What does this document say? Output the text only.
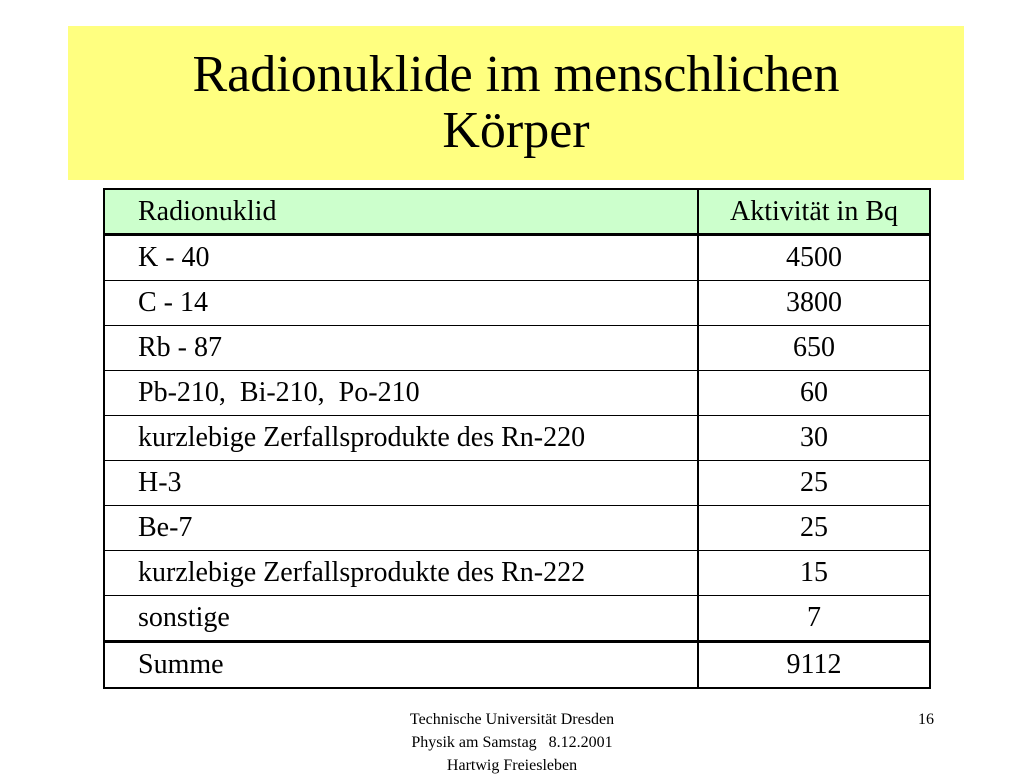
Radionuklide im menschlichen
Körper
Radionuklid	Aktivität in Bq
K - 40	4500
C - 14	3800
Rb - 87	650
Pb-210,  Bi-210,  Po-210	60
kurzlebige Zerfallsprodukte des Rn-220	30
H-3	25
Be-7	25
kurzlebige Zerfallsprodukte des Rn-222	15
sonstige	7
Summe	9112
Technische Universität Dresden
Physik am Samstag   8.12.2001
Hartwig Freiesleben
16
